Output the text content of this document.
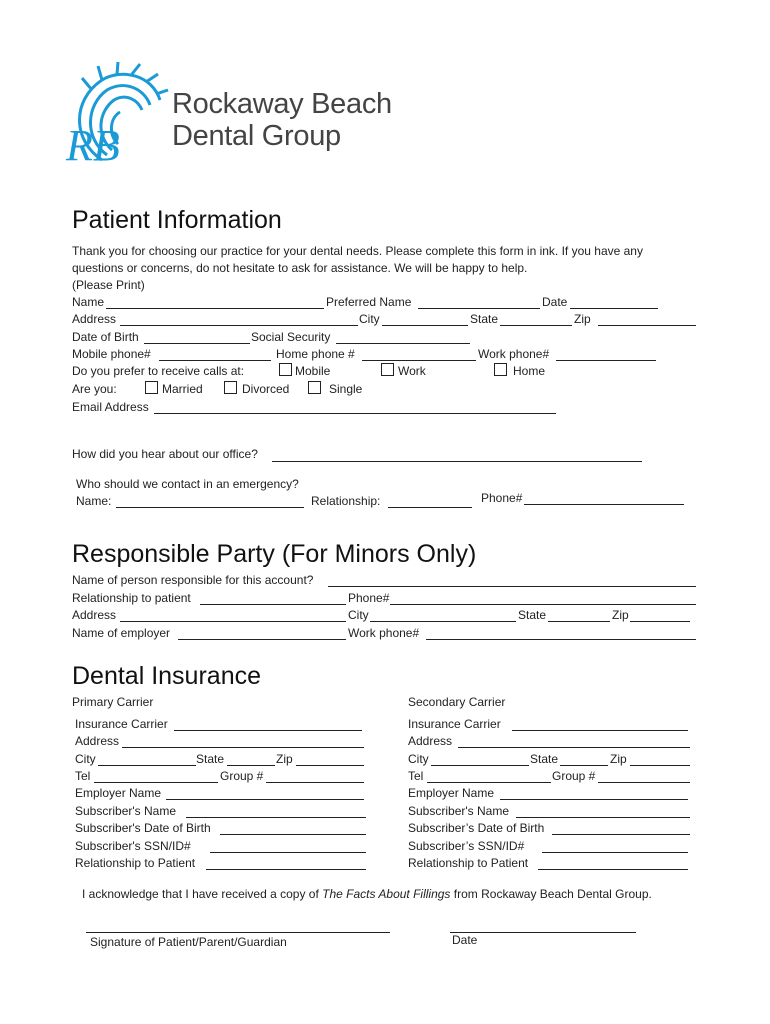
RB
Rockaway Beach
Dental Group
Patient Information
Thank you for choosing our practice for your dental needs. Please complete this form in ink. If you have any
questions or concerns, do not hesitate to ask for assistance. We will be happy to help.
(Please Print)
Name	Preferred Name	Date
Address	City	State	Zip
Date of Birth	Social Security
Mobile phone#	Home phone #	Work phone#
Do you prefer to receive calls at:	Mobile	Work	Home
Are you:	Married	Divorced	Single
Email Address
How did you hear about our office?
Who should we contact in an emergency?
Name:	Relationship:	Phone#
Responsible Party (For Minors Only)
Name of person responsible for this account?
Relationship to patient	Phone#
Address	City	State	Zip
Name of employer	Work phone#
Dental Insurance
Primary Carrier	Secondary Carrier
Insurance Carrier
Address
City	State	Zip
Tel	Group #
Employer Name
Subscriber's Name
Subscriber's Date of Birth
Subscriber's SSN/ID#
Relationship to Patient
Insurance Carrier
Address
City	State	Zip
Tel	Group #
Employer Name
Subscriber's Name
Subscriber’s Date of Birth
Subscriber’s SSN/ID#
Relationship to Patient
I acknowledge that I have received a copy of The Facts About Fillings from Rockaway Beach Dental Group.
Signature of Patient/Parent/Guardian	Date
